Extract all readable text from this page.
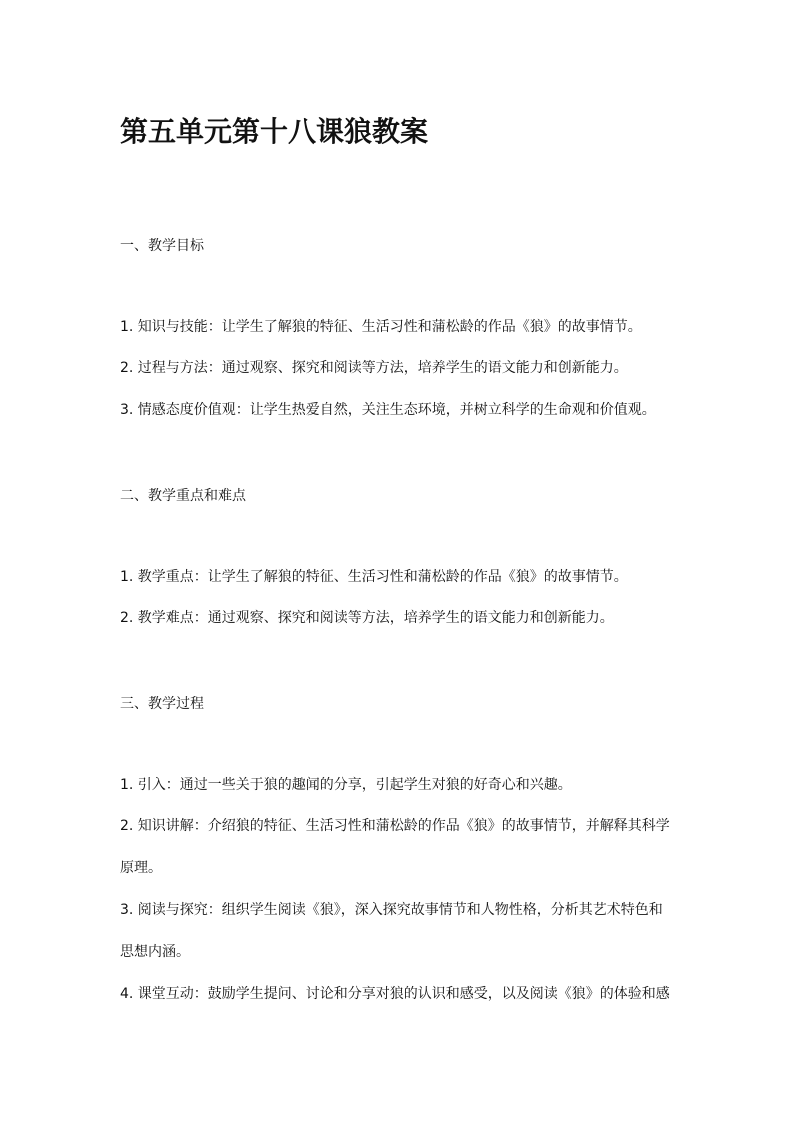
第五单元第十八课狼教案
一、教学目标
1. 知识与技能：让学生了解狼的特征、生活习性和蒲松龄的作品《狼》的故事情节。
2. 过程与方法：通过观察、探究和阅读等方法，培养学生的语文能力和创新能力。
3. 情感态度价值观：让学生热爱自然，关注生态环境，并树立科学的生命观和价值观。
二、教学重点和难点
1. 教学重点：让学生了解狼的特征、生活习性和蒲松龄的作品《狼》的故事情节。
2. 教学难点：通过观察、探究和阅读等方法，培养学生的语文能力和创新能力。
三、教学过程
1. 引入：通过一些关于狼的趣闻的分享，引起学生对狼的好奇心和兴趣。
2. 知识讲解：介绍狼的特征、生活习性和蒲松龄的作品《狼》的故事情节，并解释其科学
原理。
3. 阅读与探究：组织学生阅读《狼》，深入探究故事情节和人物性格，分析其艺术特色和
思想内涵。
4. 课堂互动：鼓励学生提问、讨论和分享对狼的认识和感受，以及阅读《狼》的体验和感
